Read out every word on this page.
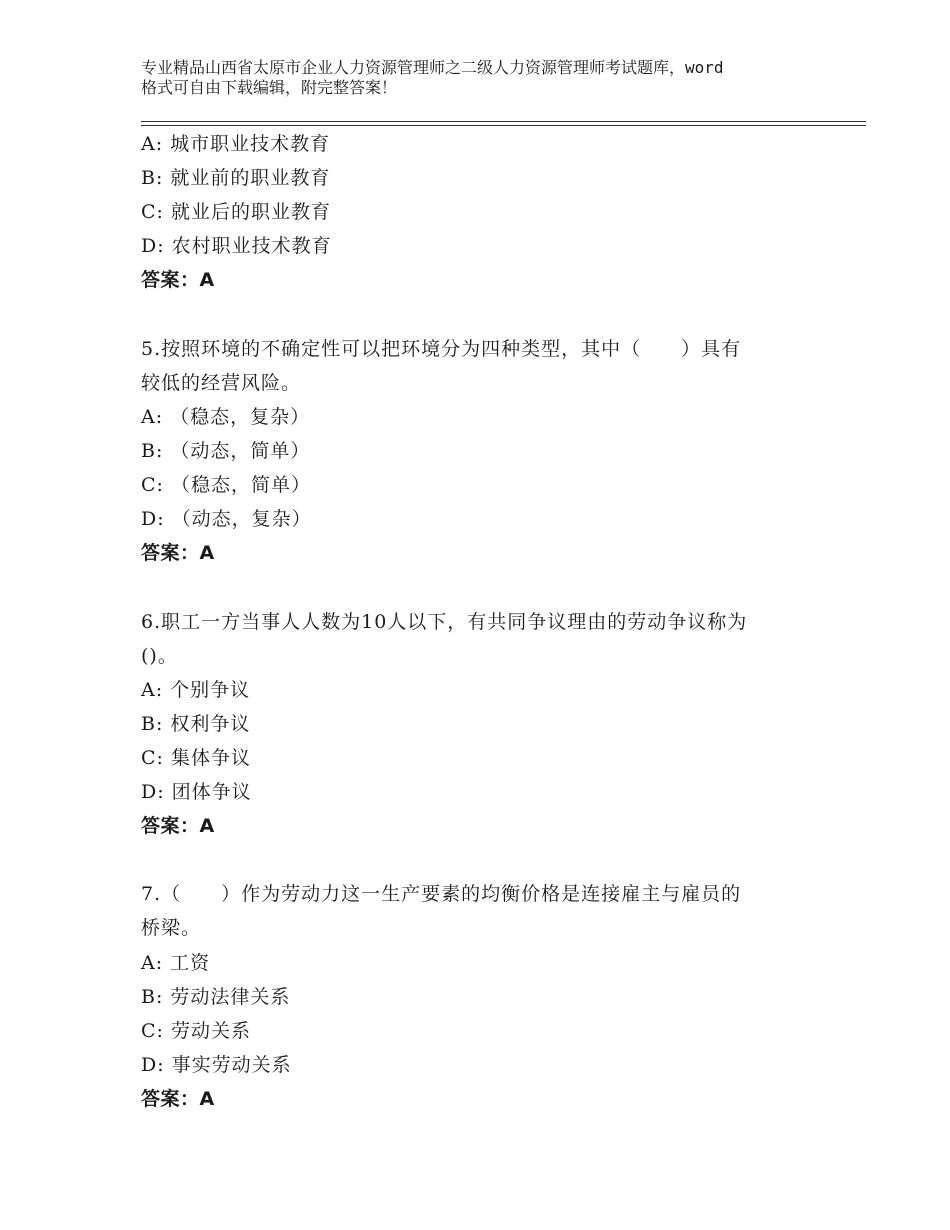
专业精品山西省太原市企业人力资源管理师之二级人力资源管理师考试题库，word
格式可自由下载编辑，附完整答案！
A: 城市职业技术教育
B: 就业前的职业教育
C: 就业后的职业教育
D: 农村职业技术教育
答案：A
5.按照环境的不确定性可以把环境分为四种类型，其中（　　）具有
较低的经营风险。
A: （稳态，复杂）
B: （动态，简单）
C: （稳态，简单）
D: （动态，复杂）
答案：A
6.职工一方当事人人数为10人以下，有共同争议理由的劳动争议称为
()。
A: 个别争议
B: 权利争议
C: 集体争议
D: 团体争议
答案：A
7.（　　）作为劳动力这一生产要素的均衡价格是连接雇主与雇员的
桥梁。
A: 工资
B: 劳动法律关系
C: 劳动关系
D: 事实劳动关系
答案：A
